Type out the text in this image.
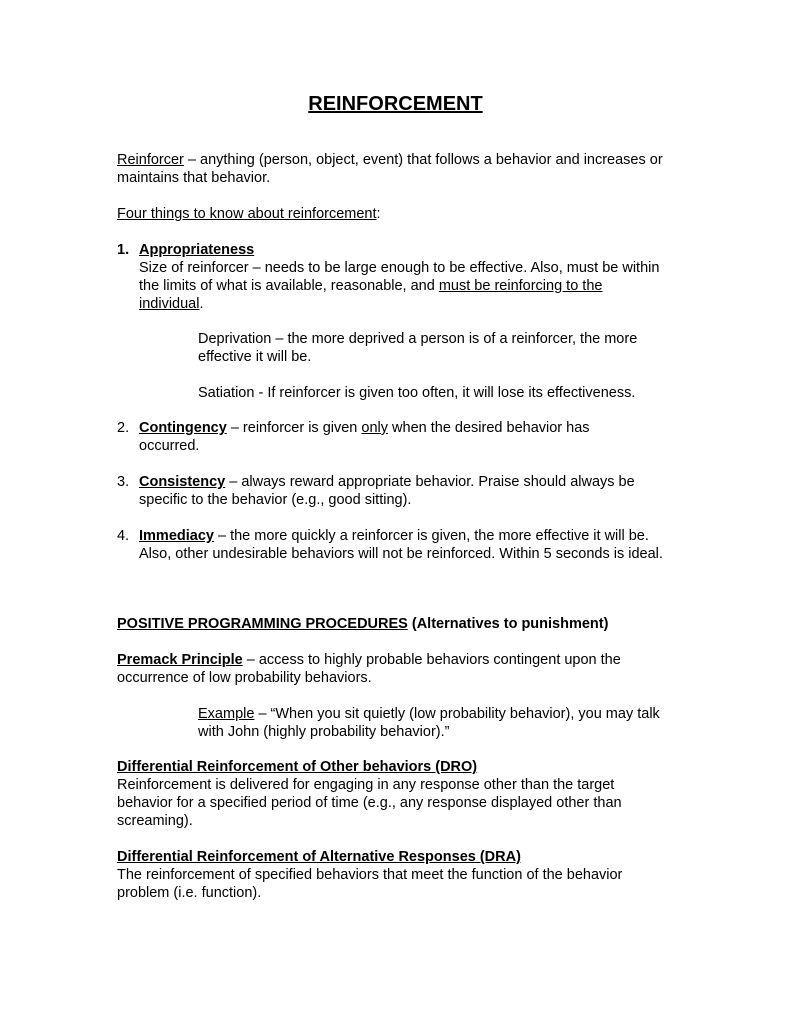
REINFORCEMENT
Reinforcer – anything (person, object, event) that follows a behavior and increases or maintains that behavior.
Four things to know about reinforcement:
1. Appropriateness
Size of reinforcer – needs to be large enough to be effective. Also, must be within the limits of what is available, reasonable, and must be reinforcing to the individual.
Deprivation – the more deprived a person is of a reinforcer, the more effective it will be.
Satiation - If reinforcer is given too often, it will lose its effectiveness.
2. Contingency – reinforcer is given only when the desired behavior has occurred.
3. Consistency – always reward appropriate behavior. Praise should always be specific to the behavior (e.g., good sitting).
4. Immediacy – the more quickly a reinforcer is given, the more effective it will be. Also, other undesirable behaviors will not be reinforced. Within 5 seconds is ideal.
POSITIVE PROGRAMMING PROCEDURES (Alternatives to punishment)
Premack Principle – access to highly probable behaviors contingent upon the occurrence of low probability behaviors.
Example – “When you sit quietly (low probability behavior), you may talk with John (highly probability behavior).”
Differential Reinforcement of Other behaviors (DRO)
Reinforcement is delivered for engaging in any response other than the target behavior for a specified period of time (e.g., any response displayed other than screaming).
Differential Reinforcement of Alternative Responses (DRA)
The reinforcement of specified behaviors that meet the function of the behavior problem (i.e. function).
